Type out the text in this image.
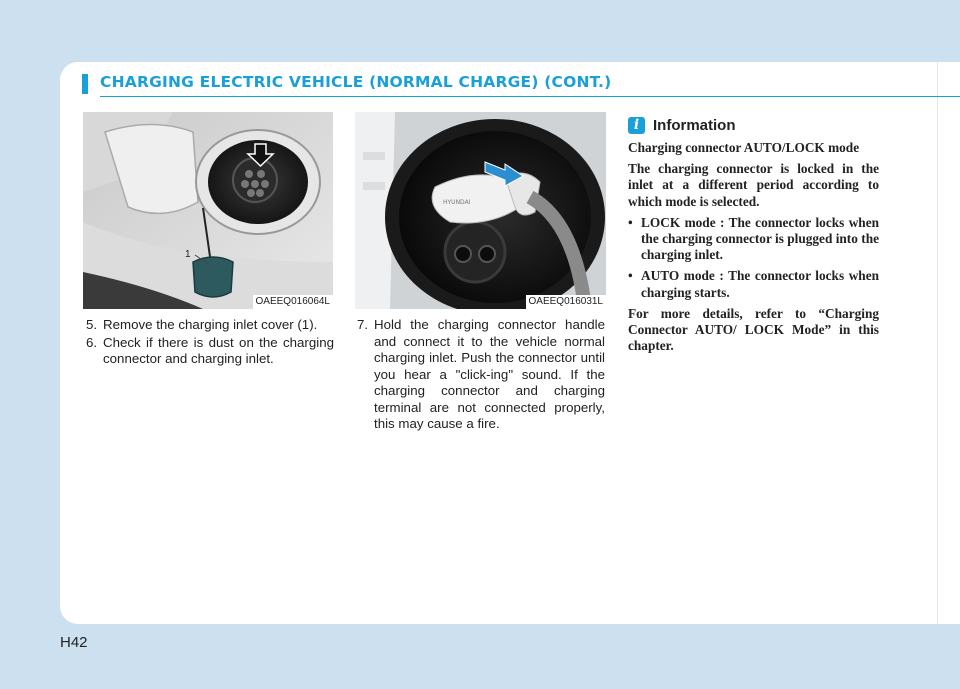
CHARGING ELECTRIC VEHICLE (NORMAL CHARGE) (CONT.)
1
OAEEQ016064L
HYUNDAI
OAEEQ016031L
5. Remove the charging inlet cover (1).
6. Check if there is dust on the charging connector and charging inlet.
7. Hold the charging connector handle and connect it to the vehicle normal charging inlet. Push the connector until you hear a "click-ing" sound. If the charging connector and charging terminal are not connected properly, this may cause a fire.
i Information

Charging connector AUTO/LOCK mode

The charging connector is locked in the inlet at a different period according to which mode is selected.

• LOCK mode : The connector locks when the charging connector is plugged into the charging inlet.
• AUTO mode : The connector locks when charging starts.

For more details, refer to “Charging Connector AUTO/ LOCK Mode” in this chapter.

H42
